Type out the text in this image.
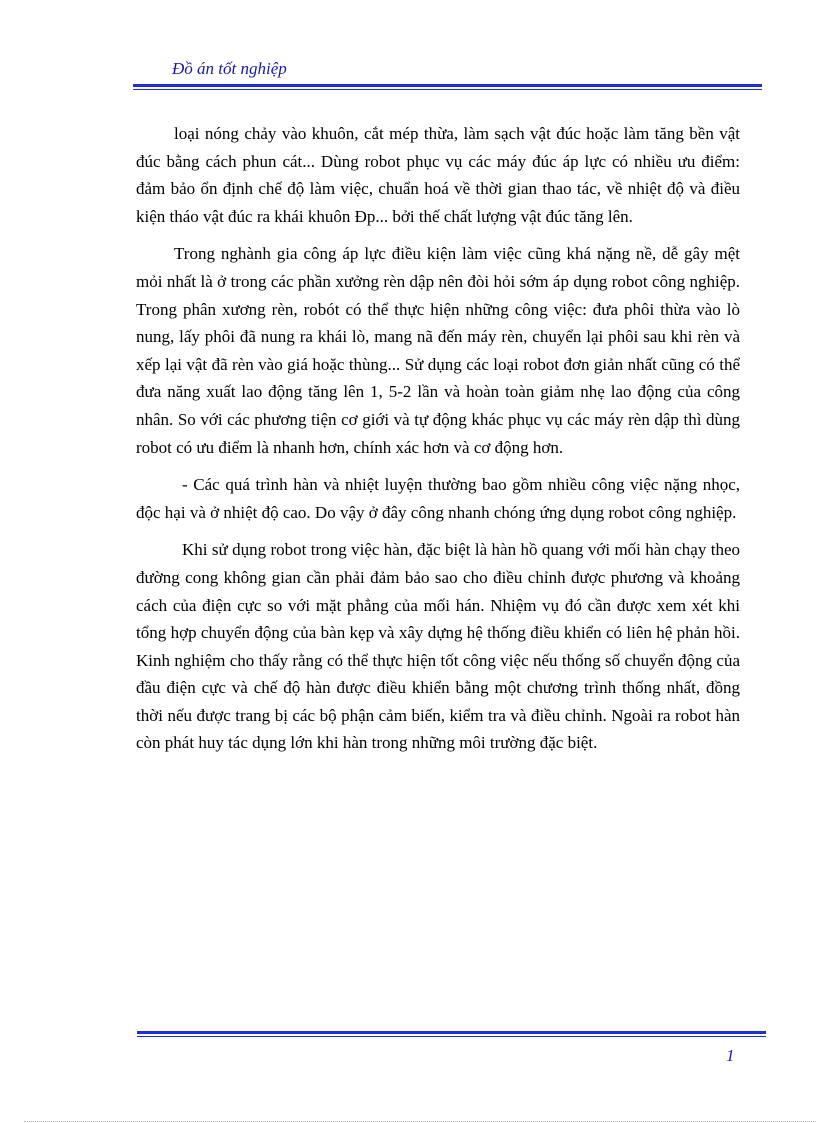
Đồ án tốt nghiệp

loại nóng chảy vào khuôn, cắt mép thừa, làm sạch vật đúc hoặc làm tăng bền vật đúc bằng cách phun cát... Dùng robot phục vụ các máy đúc áp lực có nhiều ưu điểm: đảm bảo ổn định chế độ làm việc, chuẩn hoá về thời gian thao tác, về nhiệt độ và điều kiện tháo vật đúc ra khái khuôn Đp... bởi thế chất lượng vật đúc tăng lên.

Trong nghành gia công áp lực điều kiện làm việc cũng khá nặng nề, dễ gây mệt mỏi nhất là ở trong các phần xưởng rèn dập nên đòi hỏi sớm áp dụng robot công nghiệp. Trong phân xương rèn, robót có thể thực hiện những công việc: đưa phôi thừa vào lò nung, lấy phôi đã nung ra khái lò, mang nã đến máy rèn, chuyển lại phôi sau khi rèn và xếp lại vật đã rèn vào giá hoặc thùng... Sử dụng các loại robot đơn giản nhất cũng có thể đưa năng xuất lao động tăng lên 1, 5-2 lần và hoàn toàn giảm nhẹ lao động của công nhân. So với các phương tiện cơ giới và tự động khác phục vụ các máy rèn dập thì dùng robot có ưu điểm là nhanh hơn, chính xác hơn và cơ động hơn.

- Các quá trình hàn và nhiệt luyện thường bao gồm nhiều công việc nặng nhọc, độc hại và ở nhiệt độ cao. Do vậy ở đây công nhanh chóng ứng dụng robot công nghiệp.

Khi sử dụng robot trong việc hàn, đặc biệt là hàn hồ quang với mối hàn chạy theo đường cong không gian cần phải đảm bảo sao cho điều chỉnh được phương và khoảng cách của điện cực so với mặt phẳng của mối hán. Nhiệm vụ đó cần được xem xét khi tổng hợp chuyển động của bàn kẹp và xây dựng hệ thống điều khiển có liên hệ phản hồi. Kinh nghiệm cho thấy rằng có thể thực hiện tốt công việc nếu thống số chuyển động của đầu điện cực và chế độ hàn được điều khiển bằng một chương trình thống nhất, đồng thời nếu được trang bị các bộ phận cảm biến, kiểm tra và điều chỉnh. Ngoài ra robot hàn còn phát huy tác dụng lớn khi hàn trong những môi trường đặc biệt.

1
